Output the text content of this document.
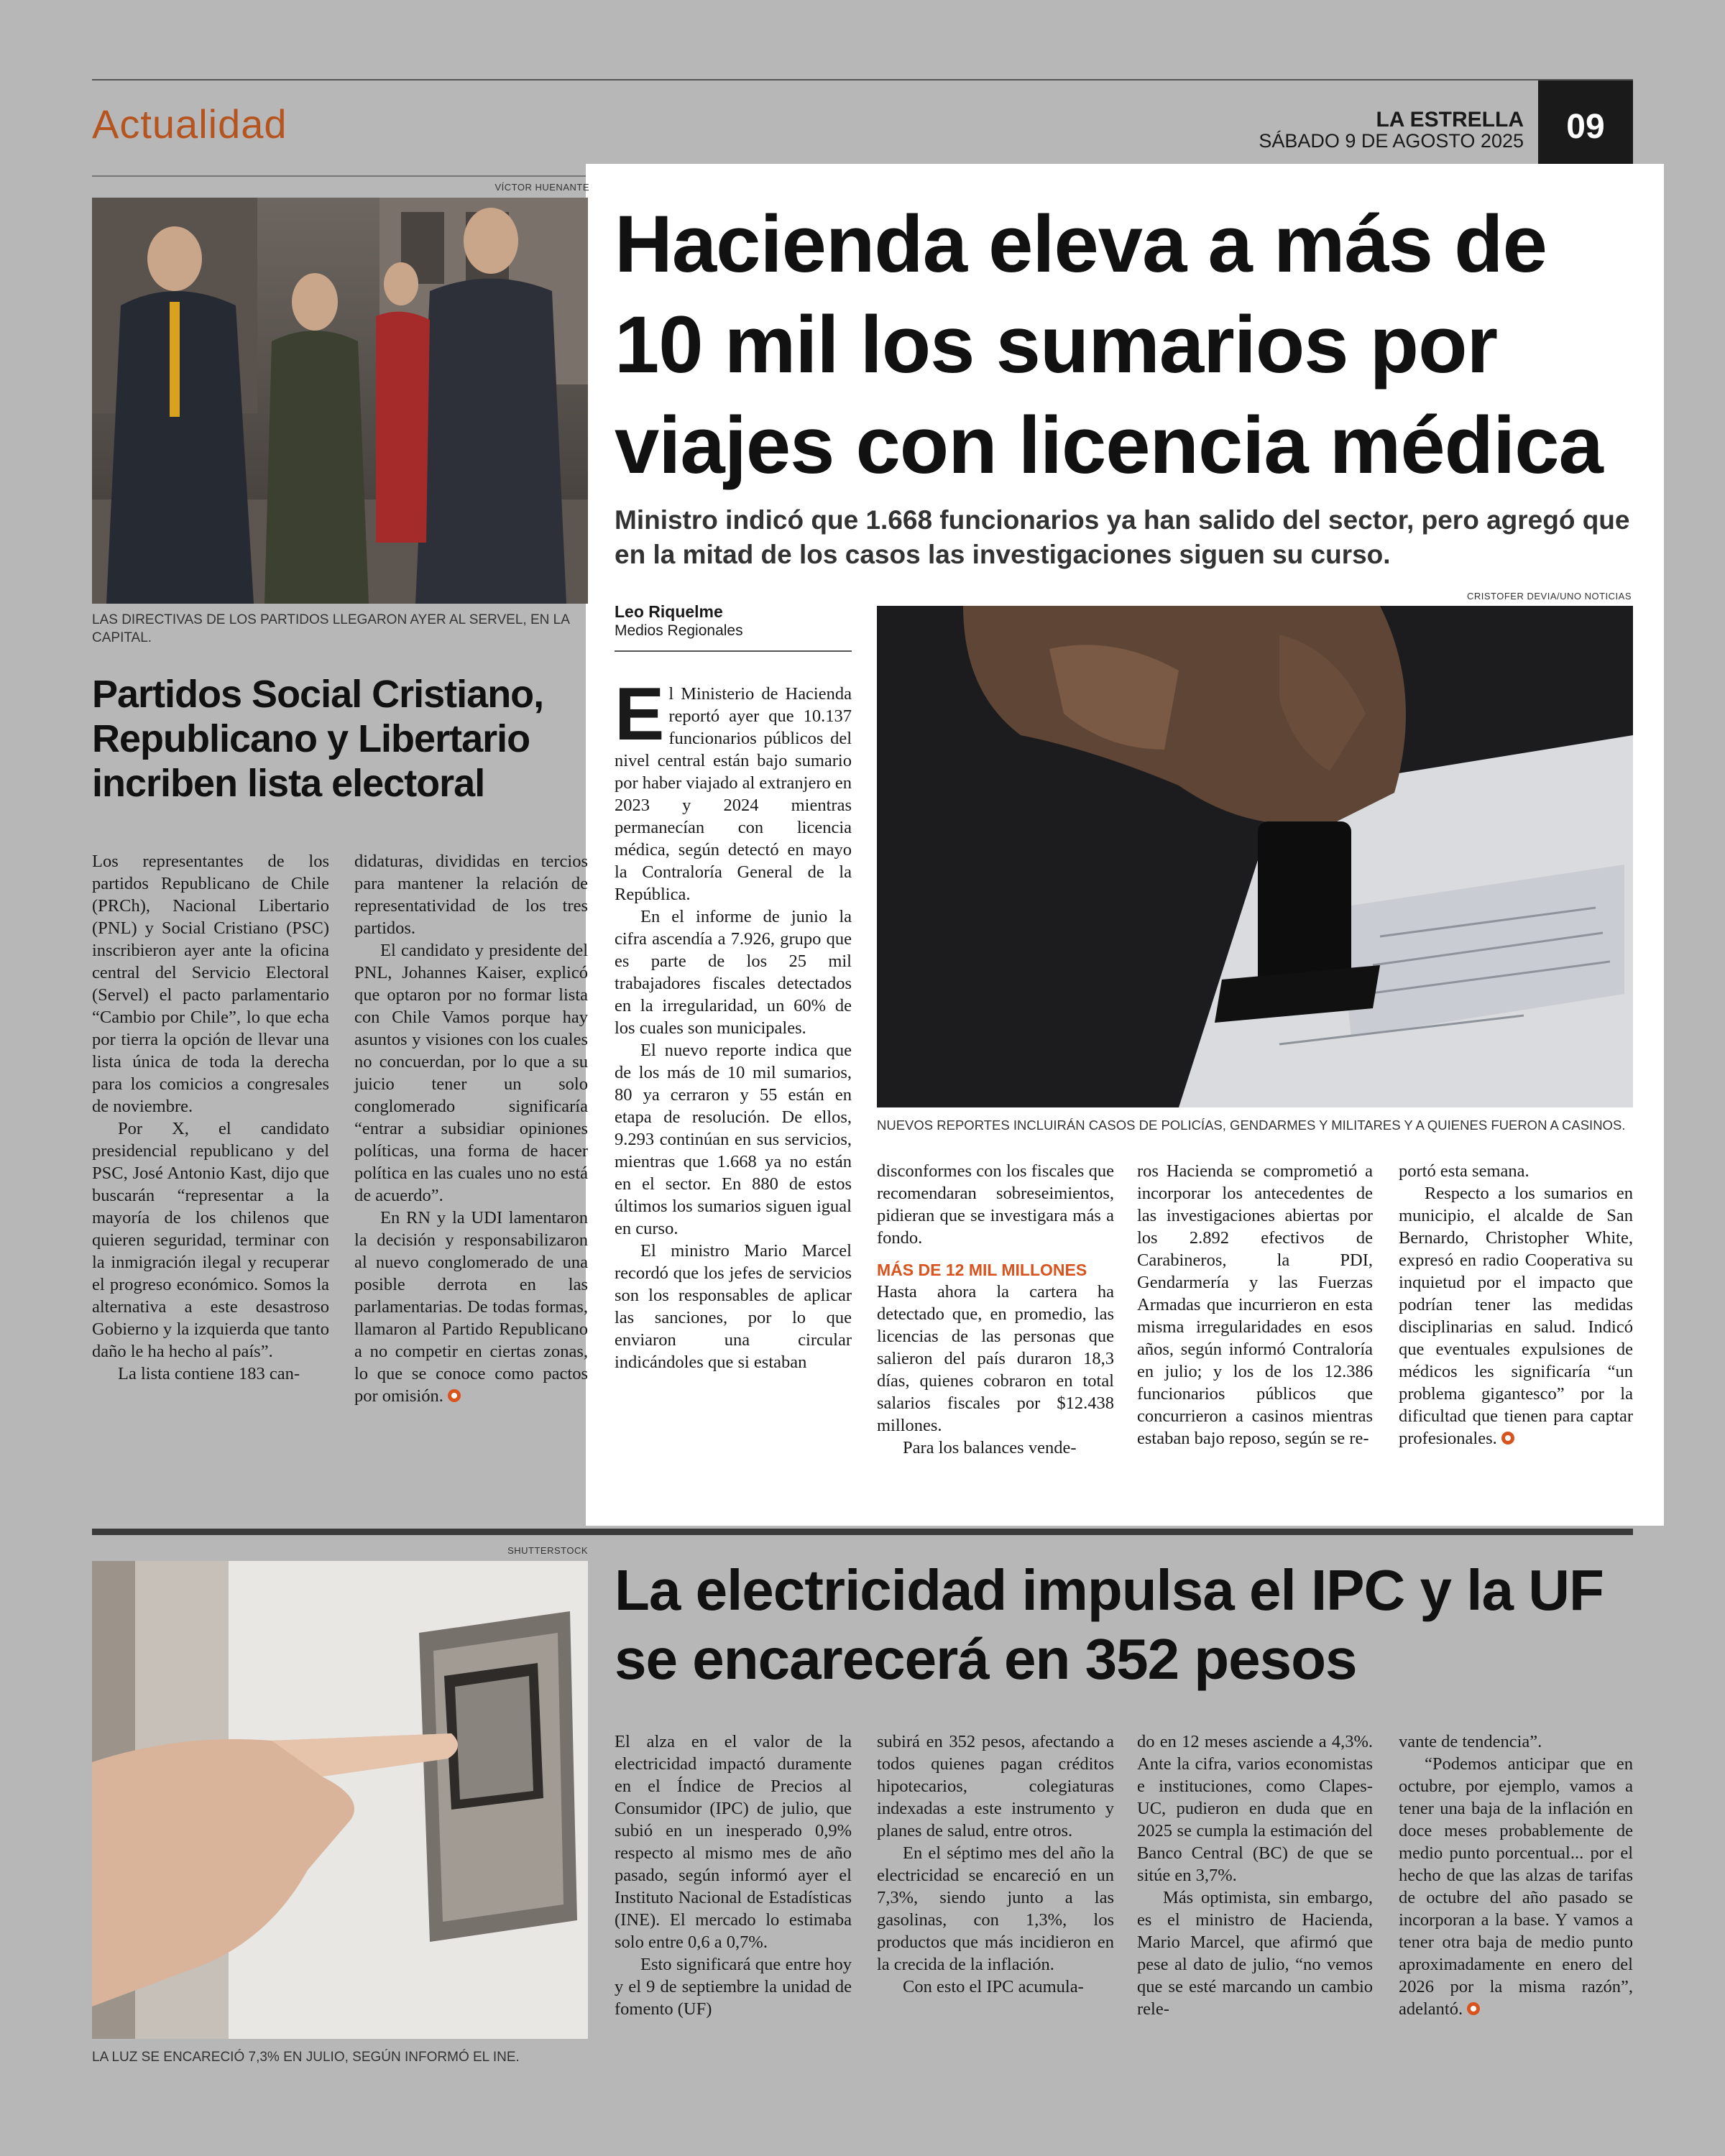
Actualidad	LA ESTRELLA
SÁBADO 9 DE AGOSTO 2025	09
VÍCTOR HUENANTE
LAS DIRECTIVAS DE LOS PARTIDOS LLEGARON AYER AL SERVEL, EN LA CAPITAL.
Partidos Social Cristiano, Republicano y Libertario incriben lista electoral

Los representantes de los partidos Republicano de Chile (PRCh), Nacional Libertario (PNL) y Social Cristiano (PSC) inscribieron ayer ante la oficina central del Servicio Electoral (Servel) el pacto parlamentario “Cambio por Chile”, lo que echa por tierra la opción de llevar una lista única de toda la derecha para los comicios a congresales de noviembre.

Por X, el candidato presidencial republicano y del PSC, José Antonio Kast, dijo que buscarán “representar a la mayoría de los chilenos que quieren seguridad, terminar con la inmigración ilegal y recuperar el progreso económico. Somos la alternativa a este desastroso Gobierno y la izquierda que tanto daño le ha hecho al país”.

La lista contiene 183 can-

didaturas, divididas en tercios para mantener la relación de representatividad de los tres partidos.

El candidato y presidente del PNL, Johannes Kaiser, explicó que optaron por no formar lista con Chile Vamos porque hay asuntos y visiones con los cuales no concuerdan, por lo que a su juicio tener un solo conglomerado significaría “entrar a subsidiar opiniones políticas, una forma de hacer política en las cuales uno no está de acuerdo”.

En RN y la UDI lamentaron la decisión y responsabilizaron al nuevo conglomerado de una posible derrota en las parlamentarias. De todas formas, llamaron al Partido Republicano a no competir en ciertas zonas, lo que se conoce como pactos por omisión.

Hacienda eleva a más de 10 mil los sumarios por viajes con licencia médica
Ministro indicó que 1.668 funcionarios ya han salido del sector, pero agregó que en la mitad de los casos las investigaciones siguen su curso.
Leo Riquelme
Medios Regionales
CRISTOFER DEVIA/UNO NOTICIAS
NUEVOS REPORTES INCLUIRÁN CASOS DE POLICÍAS, GENDARMES Y MILITARES Y A QUIENES FUERON A CASINOS.

El Ministerio de Hacienda reportó ayer que 10.137 funcionarios públicos del nivel central están bajo sumario por haber viajado al extranjero en 2023 y 2024 mientras permanecían con licencia médica, según detectó en mayo la Contraloría General de la República.

En el informe de junio la cifra ascendía a 7.926, grupo que es parte de los 25 mil trabajadores fiscales detectados en la irregularidad, un 60% de los cuales son municipales.

El nuevo reporte indica que de los más de 10 mil sumarios, 80 ya cerraron y 55 están en etapa de resolución. De ellos, 9.293 continúan en sus servicios, mientras que 1.668 ya no están en el sector. En 880 de estos últimos los sumarios siguen igual en curso.

El ministro Mario Marcel recordó que los jefes de servicios son los responsables de aplicar las sanciones, por lo que enviaron una circular indicándoles que si estaban

disconformes con los fiscales que recomendaran sobreseimientos, pidieran que se investigara más a fondo.

MÁS DE 12 MIL MILLONES

Hasta ahora la cartera ha detectado que, en promedio, las licencias de las personas que salieron del país duraron 18,3 días, quienes cobraron en total salarios fiscales por $12.438 millones.

Para los balances vende-

ros Hacienda se comprometió a incorporar los antecedentes de las investigaciones abiertas por los 2.892 efectivos de Carabineros, la PDI, Gendarmería y las Fuerzas Armadas que incurrieron en esta misma irregularidades en esos años, según informó Contraloría en julio; y los de los 12.386 funcionarios públicos que concurrieron a casinos mientras estaban bajo reposo, según se re-

portó esta semana.

Respecto a los sumarios en municipio, el alcalde de San Bernardo, Christopher White, expresó en radio Cooperativa su inquietud por el impacto que podrían tener las medidas disciplinarias en salud. Indicó que eventuales expulsiones de médicos les significaría “un problema gigantesco” por la dificultad que tienen para captar profesionales.

SHUTTERSTOCK
LA LUZ SE ENCARECIÓ 7,3% EN JULIO, SEGÚN INFORMÓ EL INE.
La electricidad impulsa el IPC y la UF se encarecerá en 352 pesos

El alza en el valor de la electricidad impactó duramente en el Índice de Precios al Consumidor (IPC) de julio, que subió en un inesperado 0,9% respecto al mismo mes de año pasado, según informó ayer el Instituto Nacional de Estadísticas (INE). El mercado lo estimaba solo entre 0,6 a 0,7%.

Esto significará que entre hoy y el 9 de septiembre la unidad de fomento (UF)

subirá en 352 pesos, afectando a todos quienes pagan créditos hipotecarios, colegiaturas indexadas a este instrumento y planes de salud, entre otros.

En el séptimo mes del año la electricidad se encareció en un 7,3%, siendo junto a las gasolinas, con 1,3%, los productos que más incidieron en la crecida de la inflación.

Con esto el IPC acumula-

do en 12 meses asciende a 4,3%. Ante la cifra, varios economistas e instituciones, como Clapes-UC, pudieron en duda que en 2025 se cumpla la estimación del Banco Central (BC) de que se sitúe en 3,7%.

Más optimista, sin embargo, es el ministro de Hacienda, Mario Marcel, que afirmó que pese al dato de julio, “no vemos que se esté marcando un cambio rele-

vante de tendencia”.

“Podemos anticipar que en octubre, por ejemplo, vamos a tener una baja de la inflación en doce meses probablemente de medio punto porcentual... por el hecho de que las alzas de tarifas de octubre del año pasado se incorporan a la base. Y vamos a tener otra baja de medio punto aproximadamente en enero del 2026 por la misma razón”, adelantó.
